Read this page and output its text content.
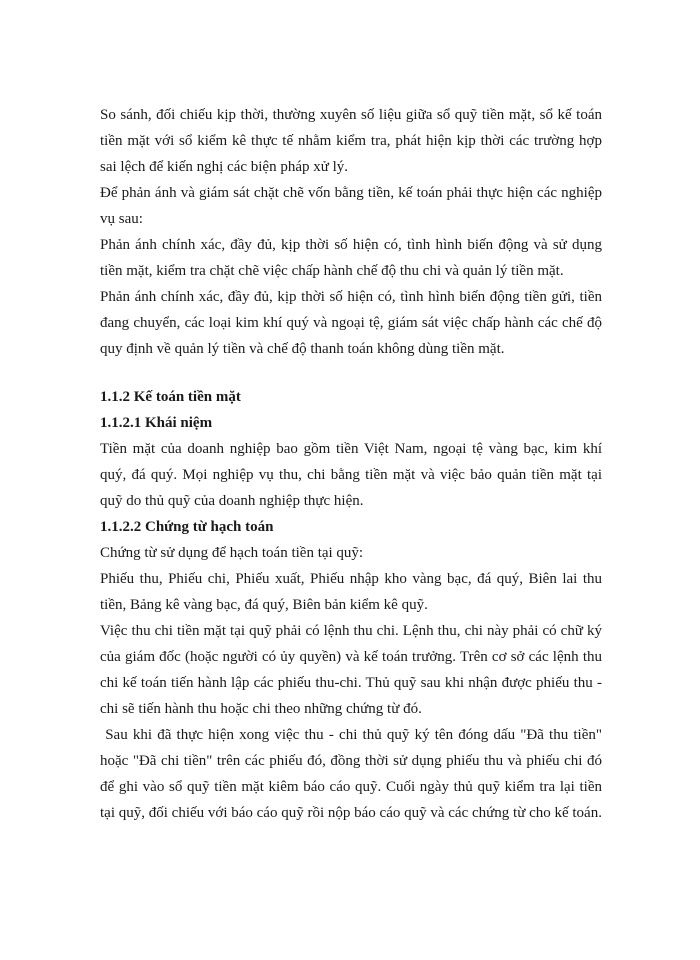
So sánh, đối chiếu kịp thời, thường xuyên số liệu giữa sổ quỹ tiền mặt, sổ kế toán tiền mặt với sổ kiểm kê thực tế nhằm kiểm tra, phát hiện kịp thời các trường hợp sai lệch để kiến nghị các biện pháp xử lý.

Để phản ánh và giám sát chặt chẽ vốn bằng tiền, kế toán phải thực hiện các nghiệp vụ sau:

Phản ánh chính xác, đầy đủ, kịp thời số hiện có, tình hình biến động và sử dụng tiền mặt, kiểm tra chặt chẽ việc chấp hành chế độ thu chi và quản lý tiền mặt.

Phản ánh chính xác, đầy đủ, kịp thời số hiện có, tình hình biến động tiền gửi, tiền đang chuyển, các loại kim khí quý và ngoại tệ, giám sát việc chấp hành các chế độ quy định về quản lý tiền và chế độ thanh toán không dùng tiền mặt.

1.1.2 Kế toán tiền mặt

1.1.2.1 Khái niệm

Tiền mặt của doanh nghiệp bao gồm tiền Việt Nam, ngoại tệ vàng bạc, kim khí quý, đá quý. Mọi nghiệp vụ thu, chi bằng tiền mặt và việc bảo quản tiền mặt tại quỹ do thủ quỹ của doanh nghiệp thực hiện.

1.1.2.2 Chứng từ hạch toán

Chứng từ sử dụng để hạch toán tiền tại quỹ:

Phiếu thu, Phiếu chi, Phiếu xuất, Phiếu nhập kho vàng bạc, đá quý, Biên lai thu tiền, Bảng kê vàng bạc, đá quý, Biên bản kiểm kê quỹ.

Việc thu chi tiền mặt tại quỹ phải có lệnh thu chi. Lệnh thu, chi này phải có chữ ký của giám đốc (hoặc người có ủy quyền) và kế toán trưởng. Trên cơ sở các lệnh thu chi kế toán tiến hành lập các phiếu thu-chi. Thủ quỹ sau khi nhận được phiếu thu - chi sẽ tiến hành thu hoặc chi theo những chứng từ đó.

Sau khi đã thực hiện xong việc thu - chi thủ quỹ ký tên đóng dấu "Đã thu tiền" hoặc "Đã chi tiền" trên các phiếu đó, đồng thời sử dụng phiếu thu và phiếu chi đó để ghi vào sổ quỹ tiền mặt kiêm báo cáo quỹ. Cuối ngày thủ quỹ kiểm tra lại tiền tại quỹ, đối chiếu với báo cáo quỹ rồi nộp báo cáo quỹ và các chứng từ cho kế toán.
